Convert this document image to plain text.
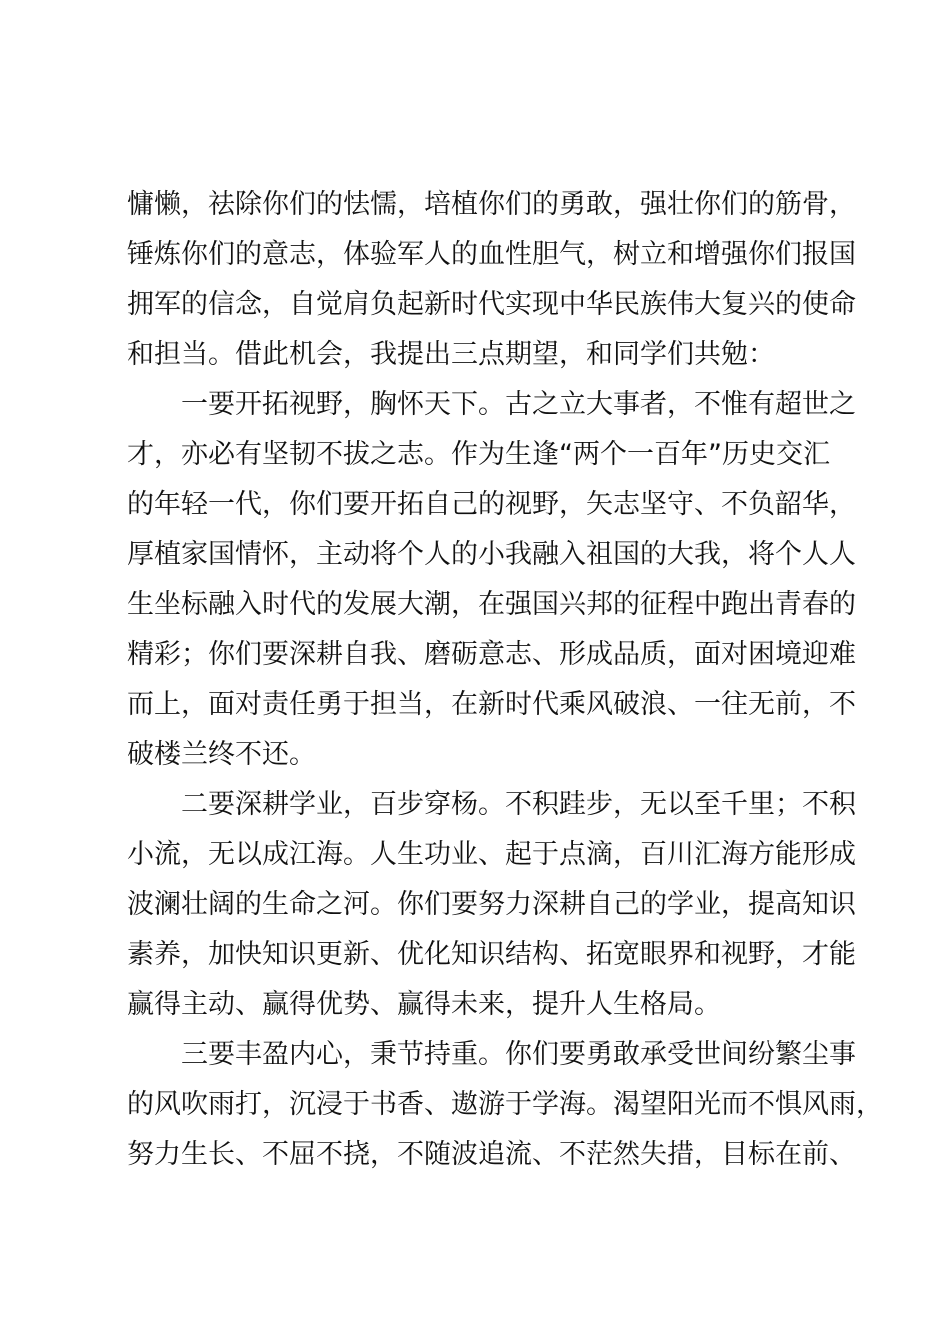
慵懒，祛除你们的怯懦，培植你们的勇敢，强壮你们的筋骨，
锤炼你们的意志，体验军人的血性胆气，树立和增强你们报国
拥军的信念，自觉肩负起新时代实现中华民族伟大复兴的使命
和担当。借此机会，我提出三点期望，和同学们共勉：
一要开拓视野，胸怀天下。古之立大事者，不惟有超世之
才，亦必有坚韧不拔之志。作为生逢“两个一百年”历史交汇
的年轻一代，你们要开拓自己的视野，矢志坚守、不负韶华，
厚植家国情怀，主动将个人的小我融入祖国的大我，将个人人
生坐标融入时代的发展大潮，在强国兴邦的征程中跑出青春的
精彩；你们要深耕自我、磨砺意志、形成品质，面对困境迎难
而上，面对责任勇于担当，在新时代乘风破浪、一往无前，不
破楼兰终不还。
二要深耕学业，百步穿杨。不积跬步，无以至千里；不积
小流，无以成江海。人生功业、起于点滴，百川汇海方能形成
波澜壮阔的生命之河。你们要努力深耕自己的学业，提高知识
素养，加快知识更新、优化知识结构、拓宽眼界和视野，才能
赢得主动、赢得优势、赢得未来，提升人生格局。
三要丰盈内心，秉节持重。你们要勇敢承受世间纷繁尘事
的风吹雨打，沉浸于书香、遨游于学海。渴望阳光而不惧风雨，
努力生长、不屈不挠，不随波追流、不茫然失措，目标在前、
